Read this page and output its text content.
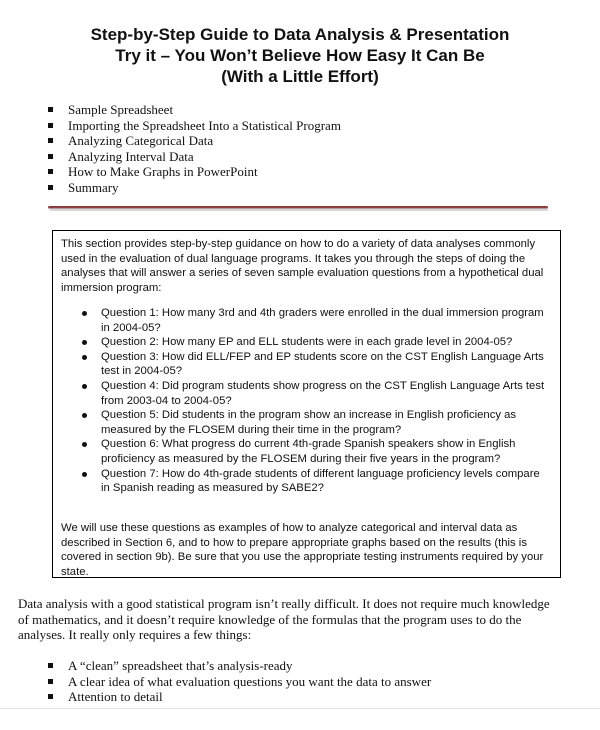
Step-by-Step Guide to Data Analysis & Presentation
Try it – You Won’t Believe How Easy It Can Be
(With a Little Effort)
Sample Spreadsheet
Importing the Spreadsheet Into a Statistical Program
Analyzing Categorical Data
Analyzing Interval Data
How to Make Graphs in PowerPoint
Summary

This section provides step-by-step guidance on how to do a variety of data analyses commonly used in the evaluation of dual language programs. It takes you through the steps of doing the analyses that will answer a series of seven sample evaluation questions from a hypothetical dual immersion program:

Question 1: How many 3rd and 4th graders were enrolled in the dual immersion program in 2004-05?
Question 2: How many EP and ELL students were in each grade level in 2004-05?
Question 3: How did ELL/FEP and EP students score on the CST English Language Arts test in 2004-05?
Question 4: Did program students show progress on the CST English Language Arts test from 2003-04 to 2004-05?
Question 5: Did students in the program show an increase in English proficiency as measured by the FLOSEM during their time in the program?
Question 6: What progress do current 4th-grade Spanish speakers show in English proficiency as measured by the FLOSEM during their five years in the program?
Question 7: How do 4th-grade students of different language proficiency levels compare in Spanish reading as measured by SABE2?

We will use these questions as examples of how to analyze categorical and interval data as described in Section 6, and to how to prepare appropriate graphs based on the results (this is covered in section 9b). Be sure that you use the appropriate testing instruments required by your state.

Data analysis with a good statistical program isn’t really difficult. It does not require much knowledge of mathematics, and it doesn’t require knowledge of the formulas that the program uses to do the analyses. It really only requires a few things:

A “clean” spreadsheet that’s analysis-ready
A clear idea of what evaluation questions you want the data to answer
Attention to detail
